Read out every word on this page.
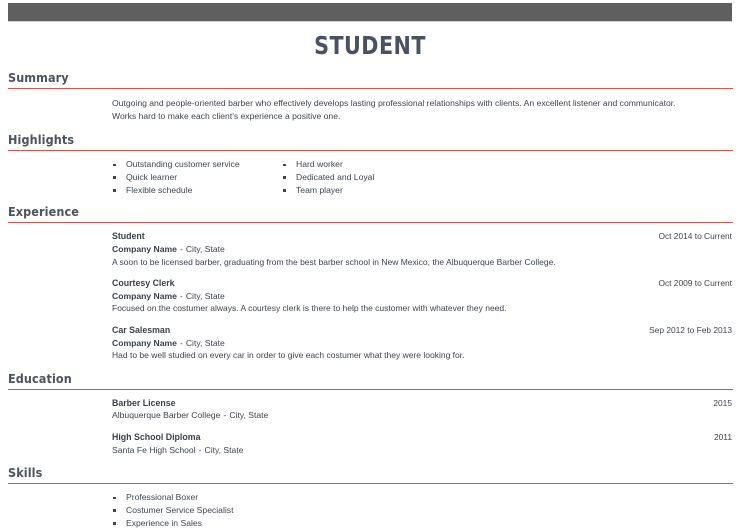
STUDENT
Summary

Outgoing and people-oriented barber who effectively develops lasting professional relationships with clients. An excellent listener and communicator. Works hard to make each client's experience a positive one.

Highlights
Outstanding customer service
Quick learner
Flexible schedule
Hard worker
Dedicated and Loyal
Team player
Experience
Student	Oct 2014 to Current
Company Name - City, State
A soon to be licensed barber, graduating from the best barber school in New Mexico, the Albuquerque Barber College.
Courtesy Clerk	Oct 2009 to Current
Company Name - City, State
Focused on the costumer always. A courtesy clerk is there to help the customer with whatever they need.
Car Salesman	Sep 2012 to Feb 2013
Company Name - City, State
Had to be well studied on every car in order to give each costumer what they were looking for.
Education
Barber License	2015
Albuquerque Barber College - City, State
High School Diploma	2011
Santa Fe High School - City, State
Skills
Professional Boxer
Costumer Service Specialist
Experience in Sales
